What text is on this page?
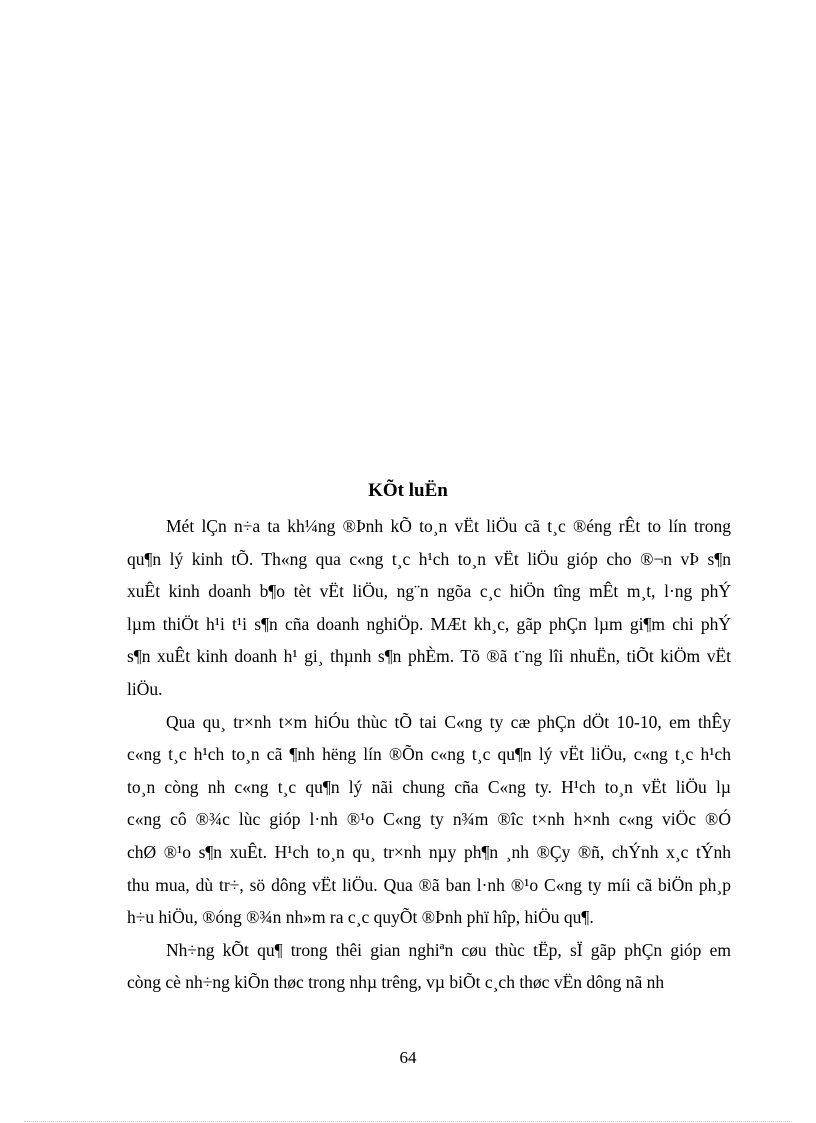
KÕt luËn

Mét lÇn n÷a ta kh¼ng ®Þnh kÕ to¸n vËt liÖu cã t¸c ®éng rÊt to lín trong
qu¶n lý kinh tÕ. Th«ng qua c«ng t¸c h¹ch to¸n vËt liÖu gióp cho ®¬n vÞ s¶n
xuÊt kinh doanh b¶o tèt vËt liÖu, ng¨n ngõa c¸c hiÖn tîng mÊt m¸t, l·ng phÝ
lµm thiÖt h¹i t¹i s¶n cña doanh nghiÖp. MÆt kh¸c, gãp phÇn lµm gi¶m chi phÝ
s¶n xuÊt kinh doanh h¹ gi¸ thµnh s¶n phÈm. Tõ ®ã t¨ng lîi nhuËn, tiÕt kiÖm vËt
liÖu.

Qua qu¸ tr×nh t×m hiÓu thùc tÕ tai C«ng ty cæ phÇn dÖt 10-10, em thÊy
c«ng t¸c h¹ch to¸n cã ¶nh hëng lín ®Õn c«ng t¸c qu¶n lý vËt liÖu, c«ng t¸c h¹ch
to¸n còng nh c«ng t¸c qu¶n lý nãi chung cña C«ng ty. H¹ch to¸n vËt liÖu lµ
c«ng cô ®¾c lùc gióp l·nh ®¹o C«ng ty n¾m ®îc t×nh h×nh c«ng viÖc ®Ó
chØ ®¹o s¶n xuÊt. H¹ch to¸n qu¸ tr×nh nµy ph¶n ¸nh ®Çy ®ñ, chÝnh x¸c tÝnh
thu mua, dù tr÷, sö dông vËt liÖu. Qua ®ã ban l·nh ®¹o C«ng ty míi cã biÖn ph¸p
h÷u hiÖu, ®óng ®¾n nh»m ra c¸c quyÕt ®Þnh phï hîp, hiÖu qu¶.

Nh÷ng kÕt qu¶ trong thêi gian nghiªn cøu thùc tËp, sÏ gãp phÇn gióp em
còng cè nh÷ng kiÕn thøc trong nhµ trêng, vµ biÕt c¸ch thøc vËn dông nã nh

64
